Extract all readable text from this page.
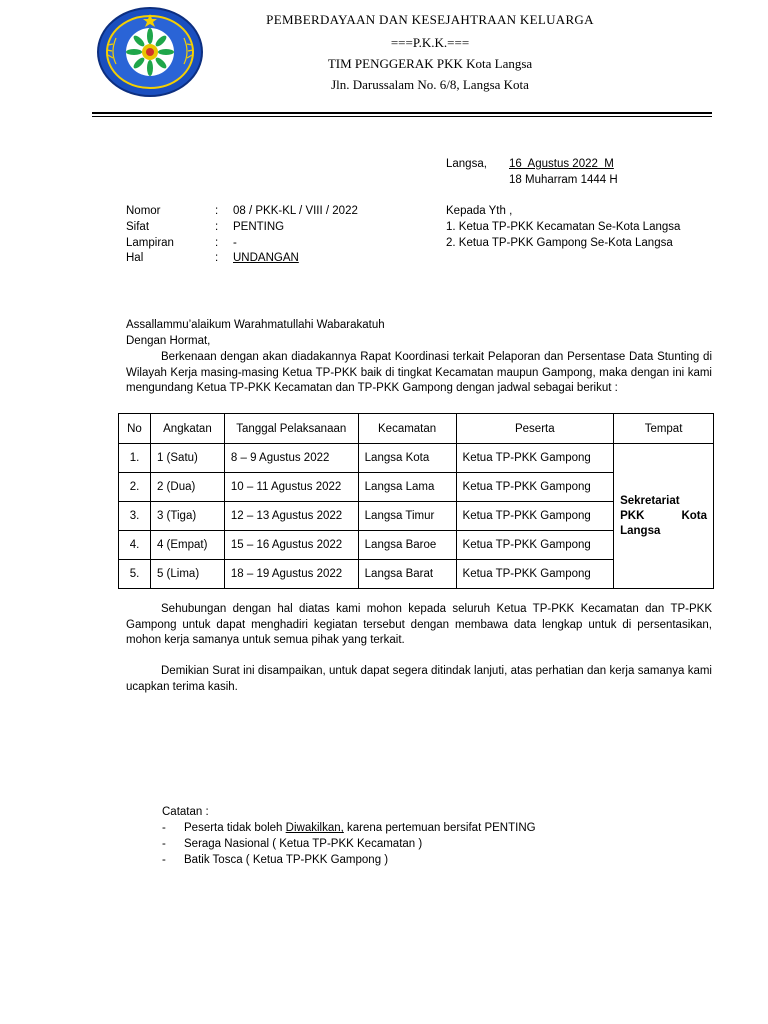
PEMBERDAYAAN DAN KESEJAHTRAAN KELUARGA
===P.K.K.===
TIM PENGGERAK PKK Kota Langsa
Jln. Darussalam No. 6/8, Langsa Kota
Langsa, 16  Agustus 2022  M
18 Muharram 1444 H
Nomor	: 08 / PKK-KL / VIII / 2022
Sifat	: PENTING
Lampiran	: -
Hal	: UNDANGAN
Kepada Yth ,
1. Ketua TP-PKK Kecamatan Se-Kota Langsa
2. Ketua TP-PKK Gampong Se-Kota Langsa
Assallammu’alaikum Warahmatullahi Wabarakatuh
Dengan Hormat,
Berkenaan dengan akan diadakannya Rapat Koordinasi terkait Pelaporan dan Persentase Data Stunting di Wilayah Kerja masing-masing Ketua TP-PKK baik di tingkat Kecamatan maupun Gampong, maka dengan ini kami mengundang Ketua TP-PKK Kecamatan dan TP-PKK Gampong dengan jadwal sebagai berikut :
No	Angkatan	Tanggal Pelaksanaan	Kecamatan	Peserta	Tempat
1.	1 (Satu)	8 – 9 Agustus 2022	Langsa Kota	Ketua TP-PKK Gampong	Sekretariat
PKK Kota
Langsa

2.	2 (Dua)	10 – 11 Agustus 2022	Langsa Lama	Ketua TP-PKK Gampong	
3.	3 (Tiga)	12 – 13 Agustus 2022	Langsa Timur	Ketua TP-PKK Gampong	
4.	4 (Empat)	15 – 16 Agustus 2022	Langsa Baroe	Ketua TP-PKK Gampong	
5.	5 (Lima)	18 – 19 Agustus 2022	Langsa Barat	Ketua TP-PKK Gampong	
Sehubungan dengan hal diatas kami mohon kepada seluruh Ketua TP-PKK Kecamatan dan TP-PKK Gampong untuk dapat menghadiri kegiatan tersebut dengan membawa data lengkap untuk di persentasikan, mohon kerja samanya untuk semua pihak yang terkait.
Demikian Surat ini disampaikan, untuk dapat segera ditindak lanjuti, atas perhatian dan kerja samanya kami ucapkan terima kasih.
Catatan :
- Peserta tidak boleh Diwakilkan, karena pertemuan bersifat PENTING
- Seraga Nasional ( Ketua TP-PKK Kecamatan )
- Batik Tosca ( Ketua TP-PKK Gampong )
